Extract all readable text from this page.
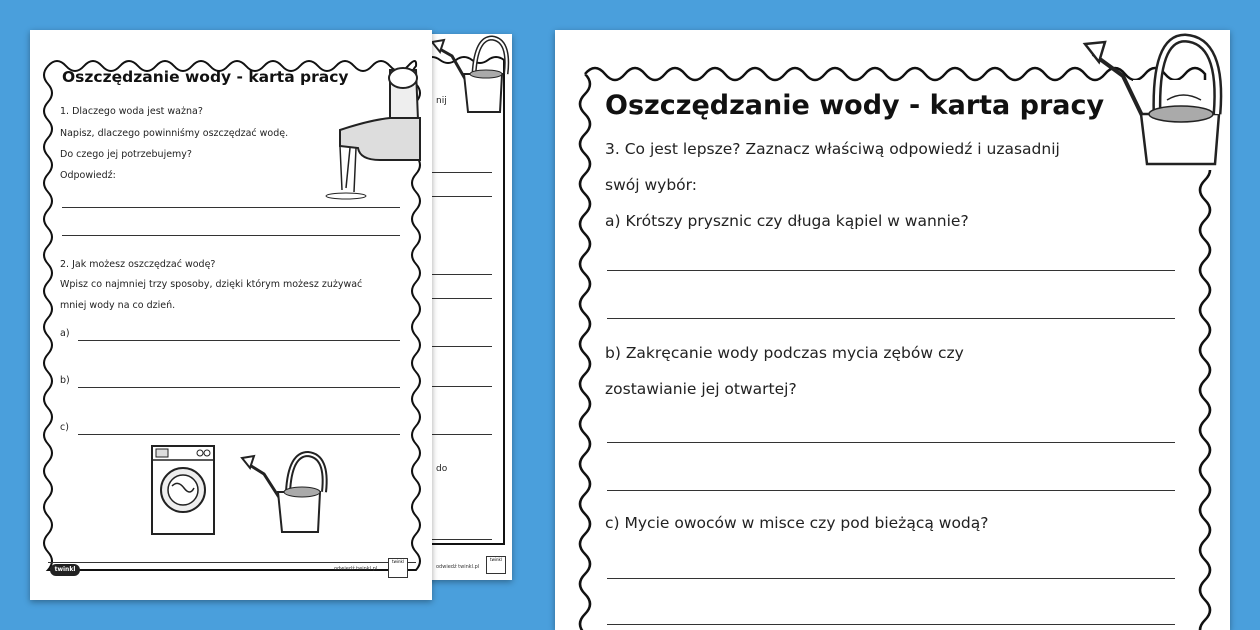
nij
do
odwiedź twinkl.pl
twinkl
Oszczędzanie wody - karta pracy
1. Dlaczego woda jest ważna?
Napisz, dlaczego powinniśmy oszczędzać wodę.
Do czego jej potrzebujemy?
Odpowiedź:
2. Jak możesz oszczędzać wodę?
Wpisz co najmniej trzy sposoby, dzięki którym możesz zużywać
mniej wody na co dzień.
a)
b)
c)
twinkl	odwiedź twinkl.pl
twinkl
Oszczędzanie wody - karta pracy
3. Co jest lepsze? Zaznacz właściwą odpowiedź i uzasadnij
swój wybór:
a) Krótszy prysznic czy długa kąpiel w wannie?
b) Zakręcanie wody podczas mycia zębów czy
zostawianie jej otwartej?
c) Mycie owoców w misce czy pod bieżącą wodą?
